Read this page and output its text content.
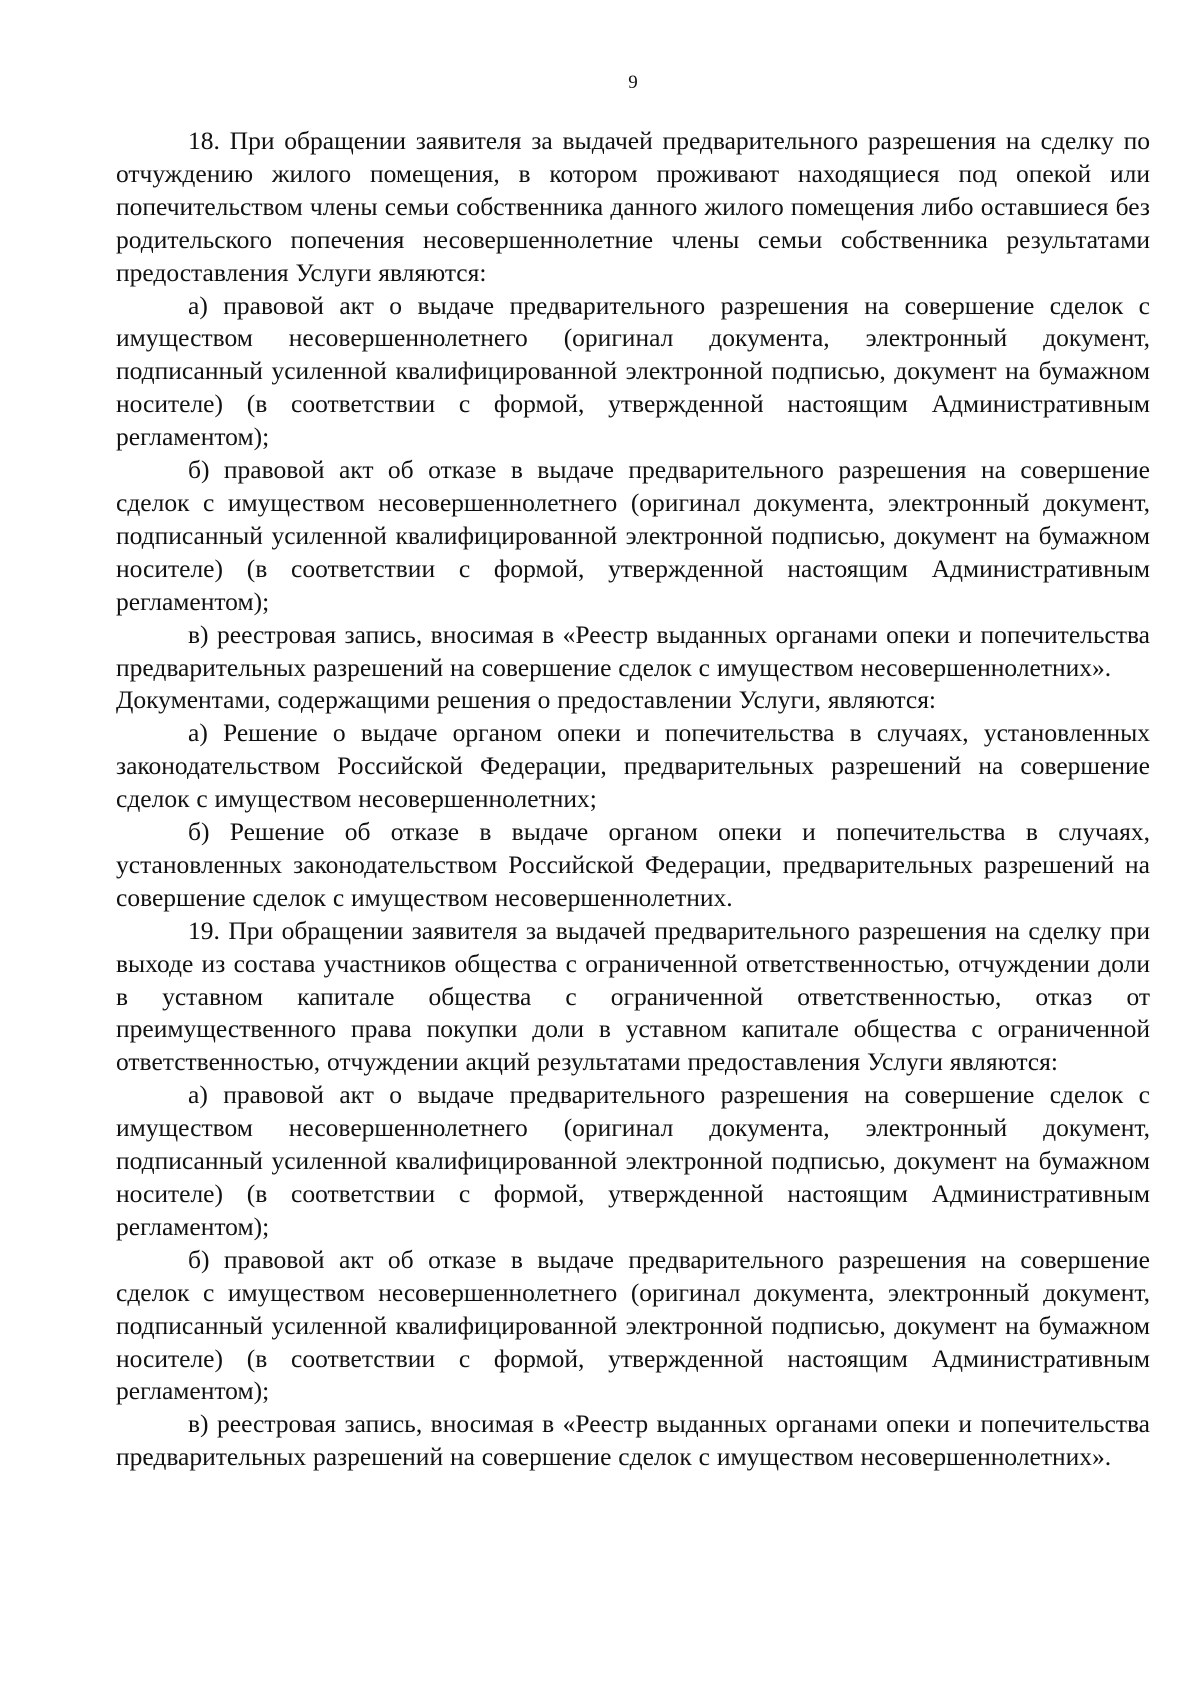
9

18. При обращении заявителя за выдачей предварительного разрешения на сделку по отчуждению жилого помещения, в котором проживают находящиеся под опекой или попечительством члены семьи собственника данного жилого помещения либо оставшиеся без родительского попечения несовершеннолетние члены семьи собственника результатами предоставления Услуги являются:

а) правовой акт о выдаче предварительного разрешения на совершение сделок с имуществом несовершеннолетнего (оригинал документа, электронный документ, подписанный усиленной квалифицированной электронной подписью, документ на бумажном носителе) (в соответствии с формой, утвержденной настоящим Административным регламентом);

б) правовой акт об отказе в выдаче предварительного разрешения на совершение сделок с имуществом несовершеннолетнего (оригинал документа, электронный документ, подписанный усиленной квалифицированной электронной подписью, документ на бумажном носителе) (в соответствии с формой, утвержденной настоящим Административным регламентом);

в) реестровая запись, вносимая в «Реестр выданных органами опеки и попечительства предварительных разрешений на совершение сделок с имуществом несовершеннолетних».

Документами, содержащими решения о предоставлении Услуги, являются:

а) Решение о выдаче органом опеки и попечительства в случаях, установленных законодательством Российской Федерации, предварительных разрешений на совершение сделок с имуществом несовершеннолетних;

б) Решение об отказе в выдаче органом опеки и попечительства в случаях, установленных законодательством Российской Федерации, предварительных разрешений на совершение сделок с имуществом несовершеннолетних.

19. При обращении заявителя за выдачей предварительного разрешения на сделку при выходе из состава участников общества с ограниченной ответственностью, отчуждении доли в уставном капитале общества с ограниченной ответственностью, отказ от преимущественного права покупки доли в уставном капитале общества с ограниченной ответственностью, отчуждении акций результатами предоставления Услуги являются:

а) правовой акт о выдаче предварительного разрешения на совершение сделок с имуществом несовершеннолетнего (оригинал документа, электронный документ, подписанный усиленной квалифицированной электронной подписью, документ на бумажном носителе) (в соответствии с формой, утвержденной настоящим Административным регламентом);

б) правовой акт об отказе в выдаче предварительного разрешения на совершение сделок с имуществом несовершеннолетнего (оригинал документа, электронный документ, подписанный усиленной квалифицированной электронной подписью, документ на бумажном носителе) (в соответствии с формой, утвержденной настоящим Административным регламентом);

в) реестровая запись, вносимая в «Реестр выданных органами опеки и попечительства предварительных разрешений на совершение сделок с имуществом несовершеннолетних».
